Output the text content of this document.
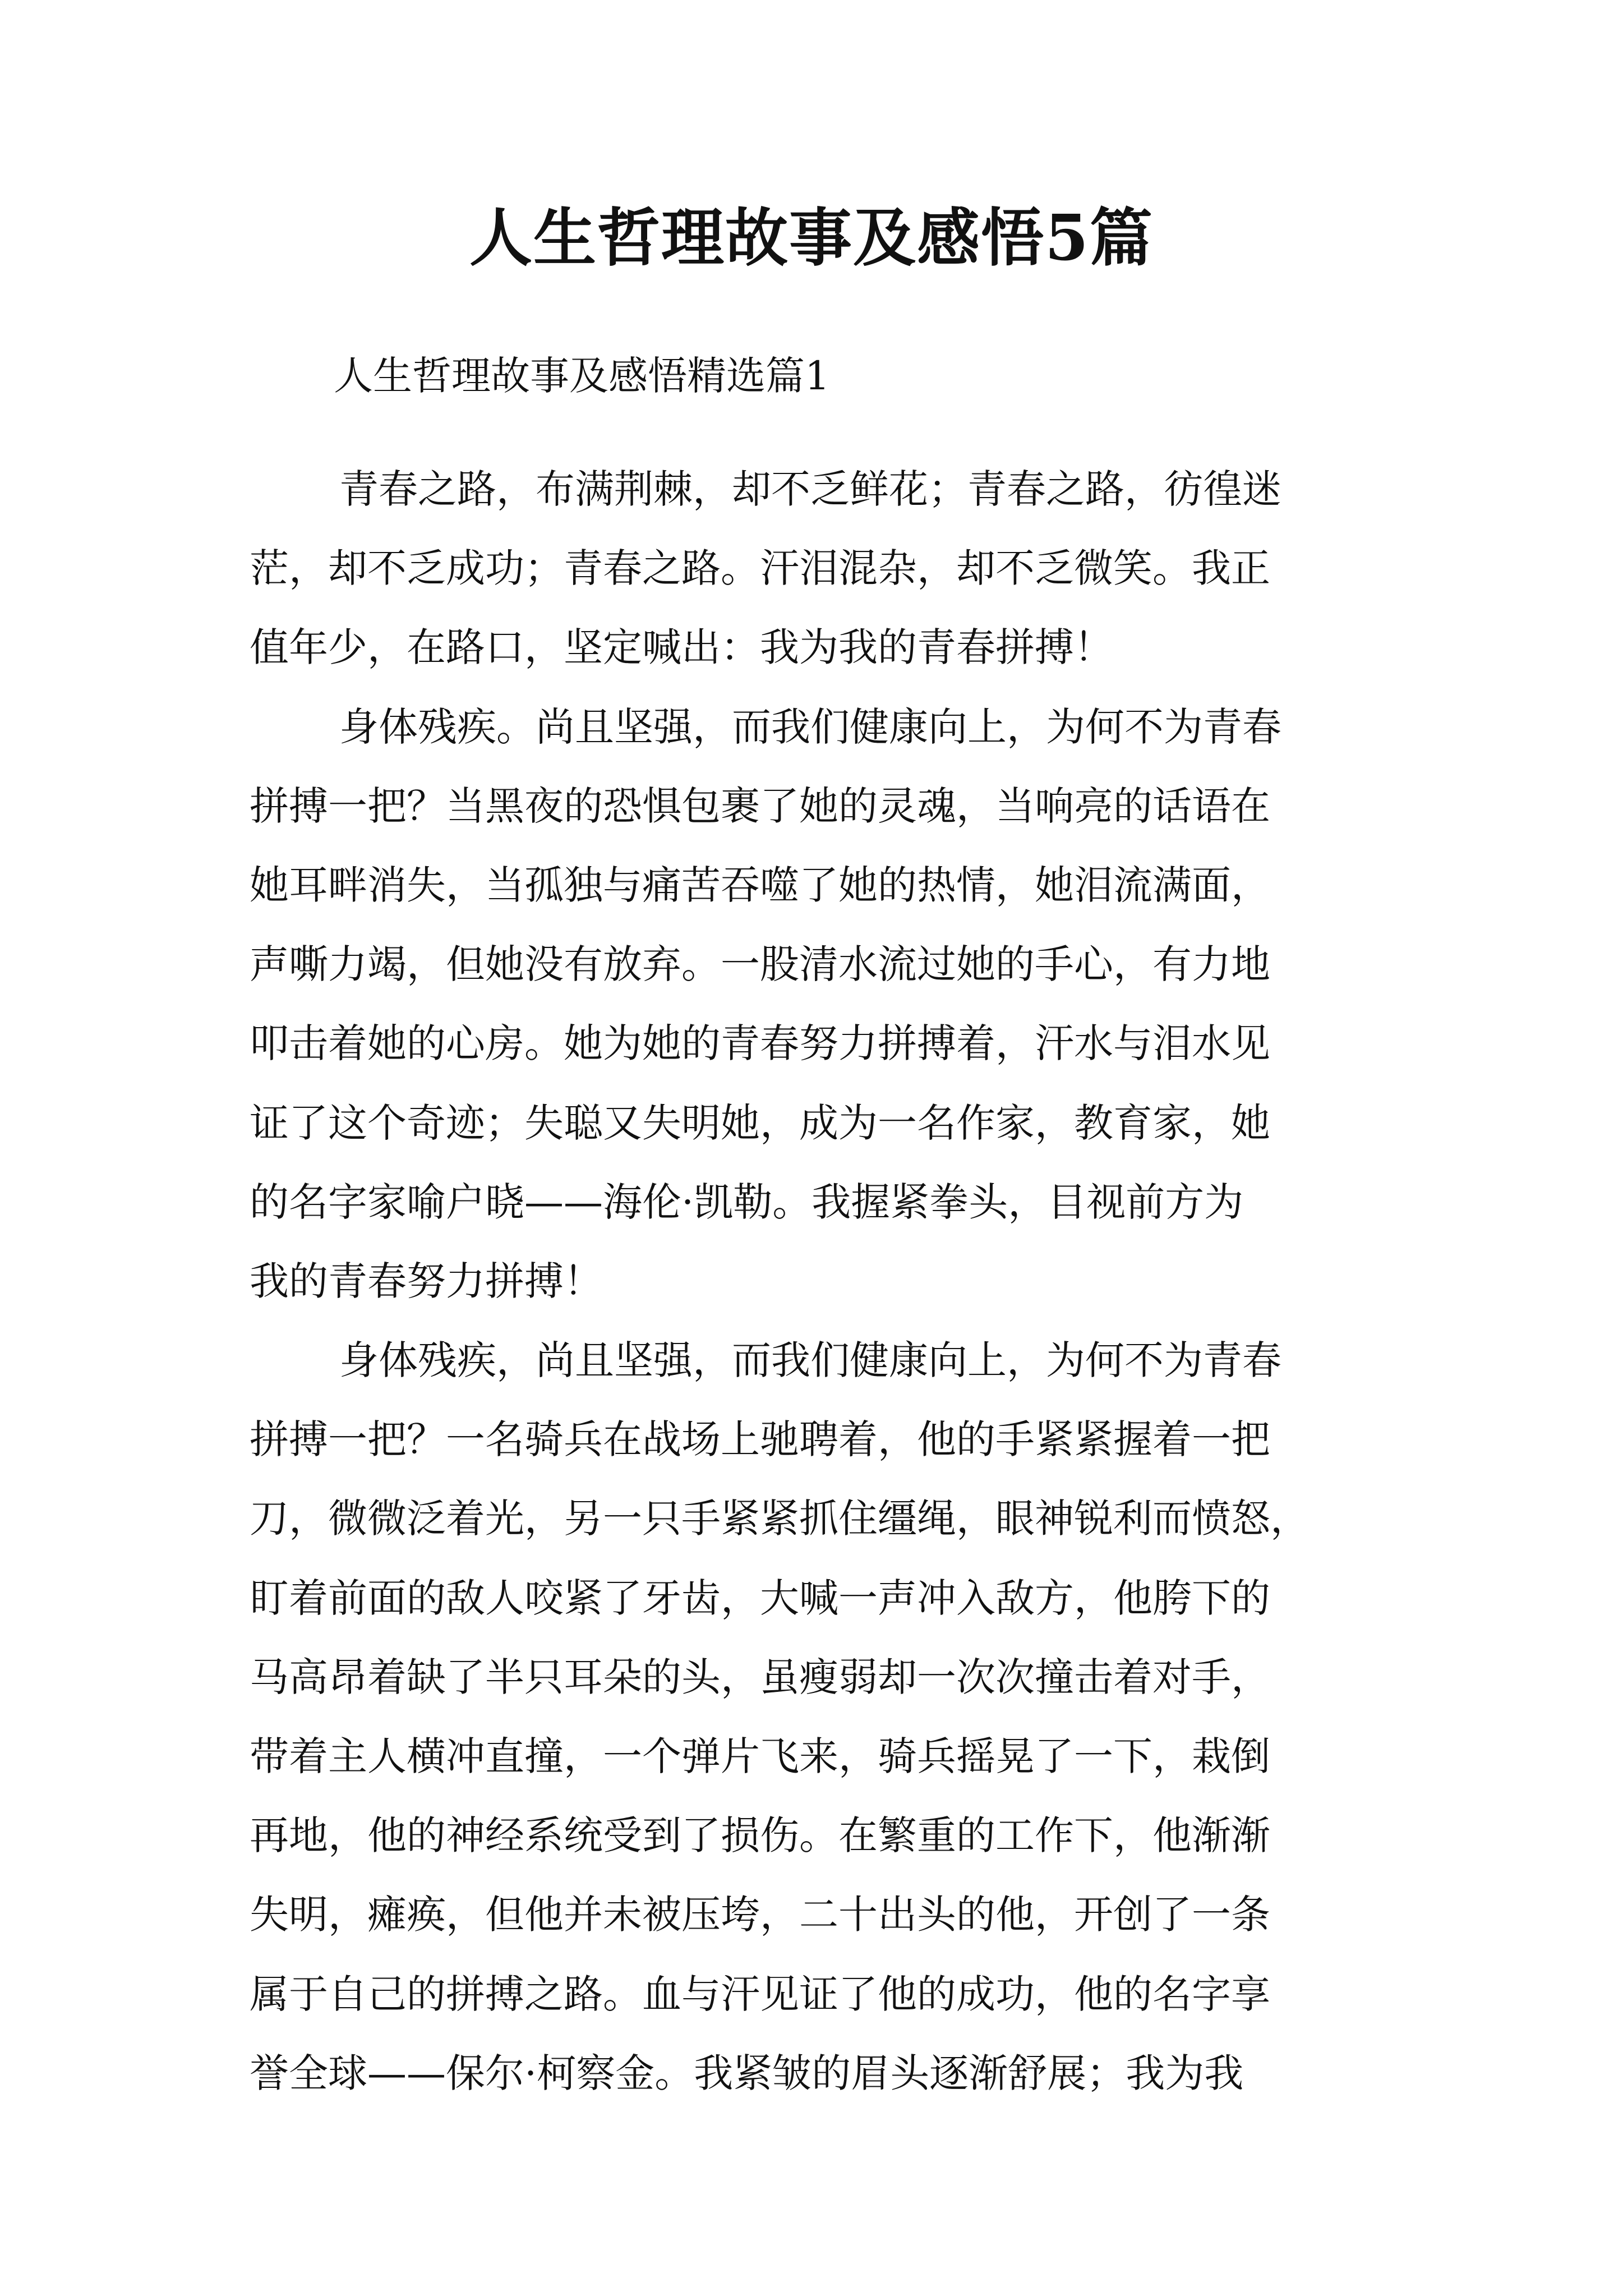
人生哲理故事及感悟5篇
人生哲理故事及感悟精选篇1
青春之路，布满荆棘，却不乏鲜花；青春之路，彷徨迷
茫，却不乏成功；青春之路。汗泪混杂，却不乏微笑。我正
值年少，在路口，坚定喊出：我为我的青春拼搏！
身体残疾。尚且坚强，而我们健康向上，为何不为青春
拼搏一把？当黑夜的恐惧包裹了她的灵魂，当响亮的话语在
她耳畔消失，当孤独与痛苦吞噬了她的热情，她泪流满面，
声嘶力竭，但她没有放弃。一股清水流过她的手心，有力地
叩击着她的心房。她为她的青春努力拼搏着，汗水与泪水见
证了这个奇迹；失聪又失明她，成为一名作家，教育家，她
的名字家喻户晓——海伦·凯勒。我握紧拳头，目视前方为
我的青春努力拼搏！
身体残疾，尚且坚强，而我们健康向上，为何不为青春
拼搏一把？一名骑兵在战场上驰聘着，他的手紧紧握着一把
刀，微微泛着光，另一只手紧紧抓住缰绳，眼神锐利而愤怒，
盯着前面的敌人咬紧了牙齿，大喊一声冲入敌方，他胯下的
马高昂着缺了半只耳朵的头，虽瘦弱却一次次撞击着对手，
带着主人横冲直撞，一个弹片飞来，骑兵摇晃了一下，栽倒
再地，他的神经系统受到了损伤。在繁重的工作下，他渐渐
失明，瘫痪，但他并未被压垮，二十出头的他，开创了一条
属于自己的拼搏之路。血与汗见证了他的成功，他的名字享
誉全球——保尔·柯察金。我紧皱的眉头逐渐舒展；我为我
